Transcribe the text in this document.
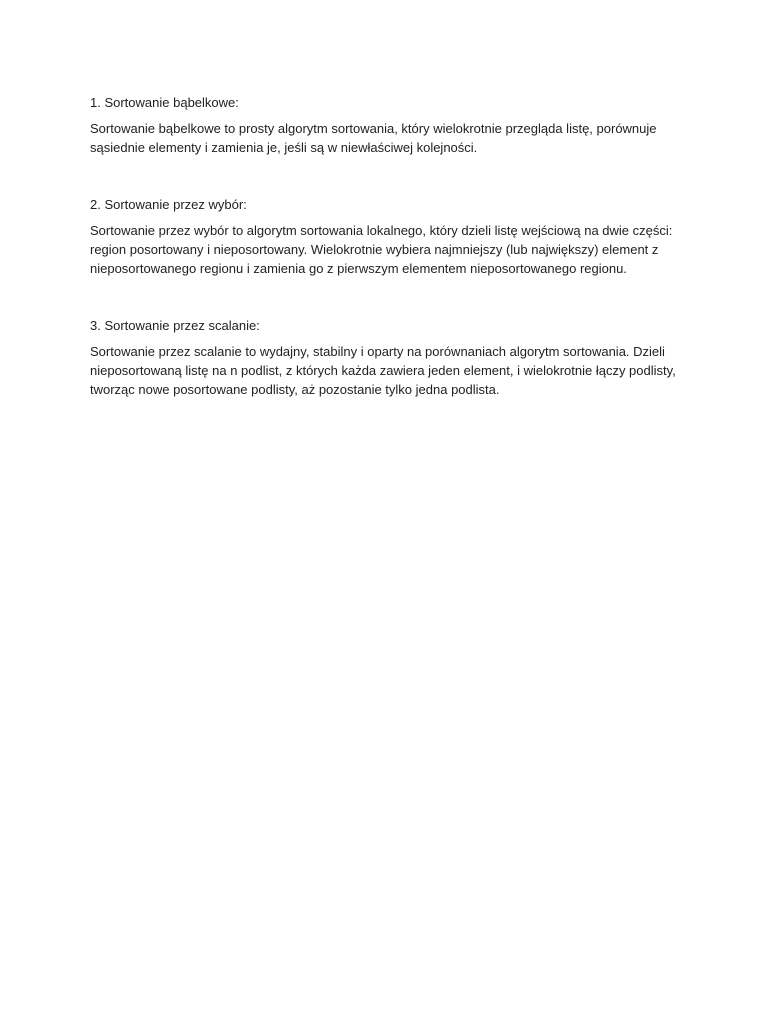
1. Sortowanie bąbelkowe:

Sortowanie bąbelkowe to prosty algorytm sortowania, który wielokrotnie przegląda listę, porównuje sąsiednie elementy i zamienia je, jeśli są w niewłaściwej kolejności.

2. Sortowanie przez wybór:

Sortowanie przez wybór to algorytm sortowania lokalnego, który dzieli listę wejściową na dwie części: region posortowany i nieposortowany. Wielokrotnie wybiera najmniejszy (lub największy) element z nieposortowanego regionu i zamienia go z pierwszym elementem nieposortowanego regionu.

3. Sortowanie przez scalanie:

Sortowanie przez scalanie to wydajny, stabilny i oparty na porównaniach algorytm sortowania. Dzieli nieposortowaną listę na n podlist, z których każda zawiera jeden element, i wielokrotnie łączy podlisty, tworząc nowe posortowane podlisty, aż pozostanie tylko jedna podlista.
